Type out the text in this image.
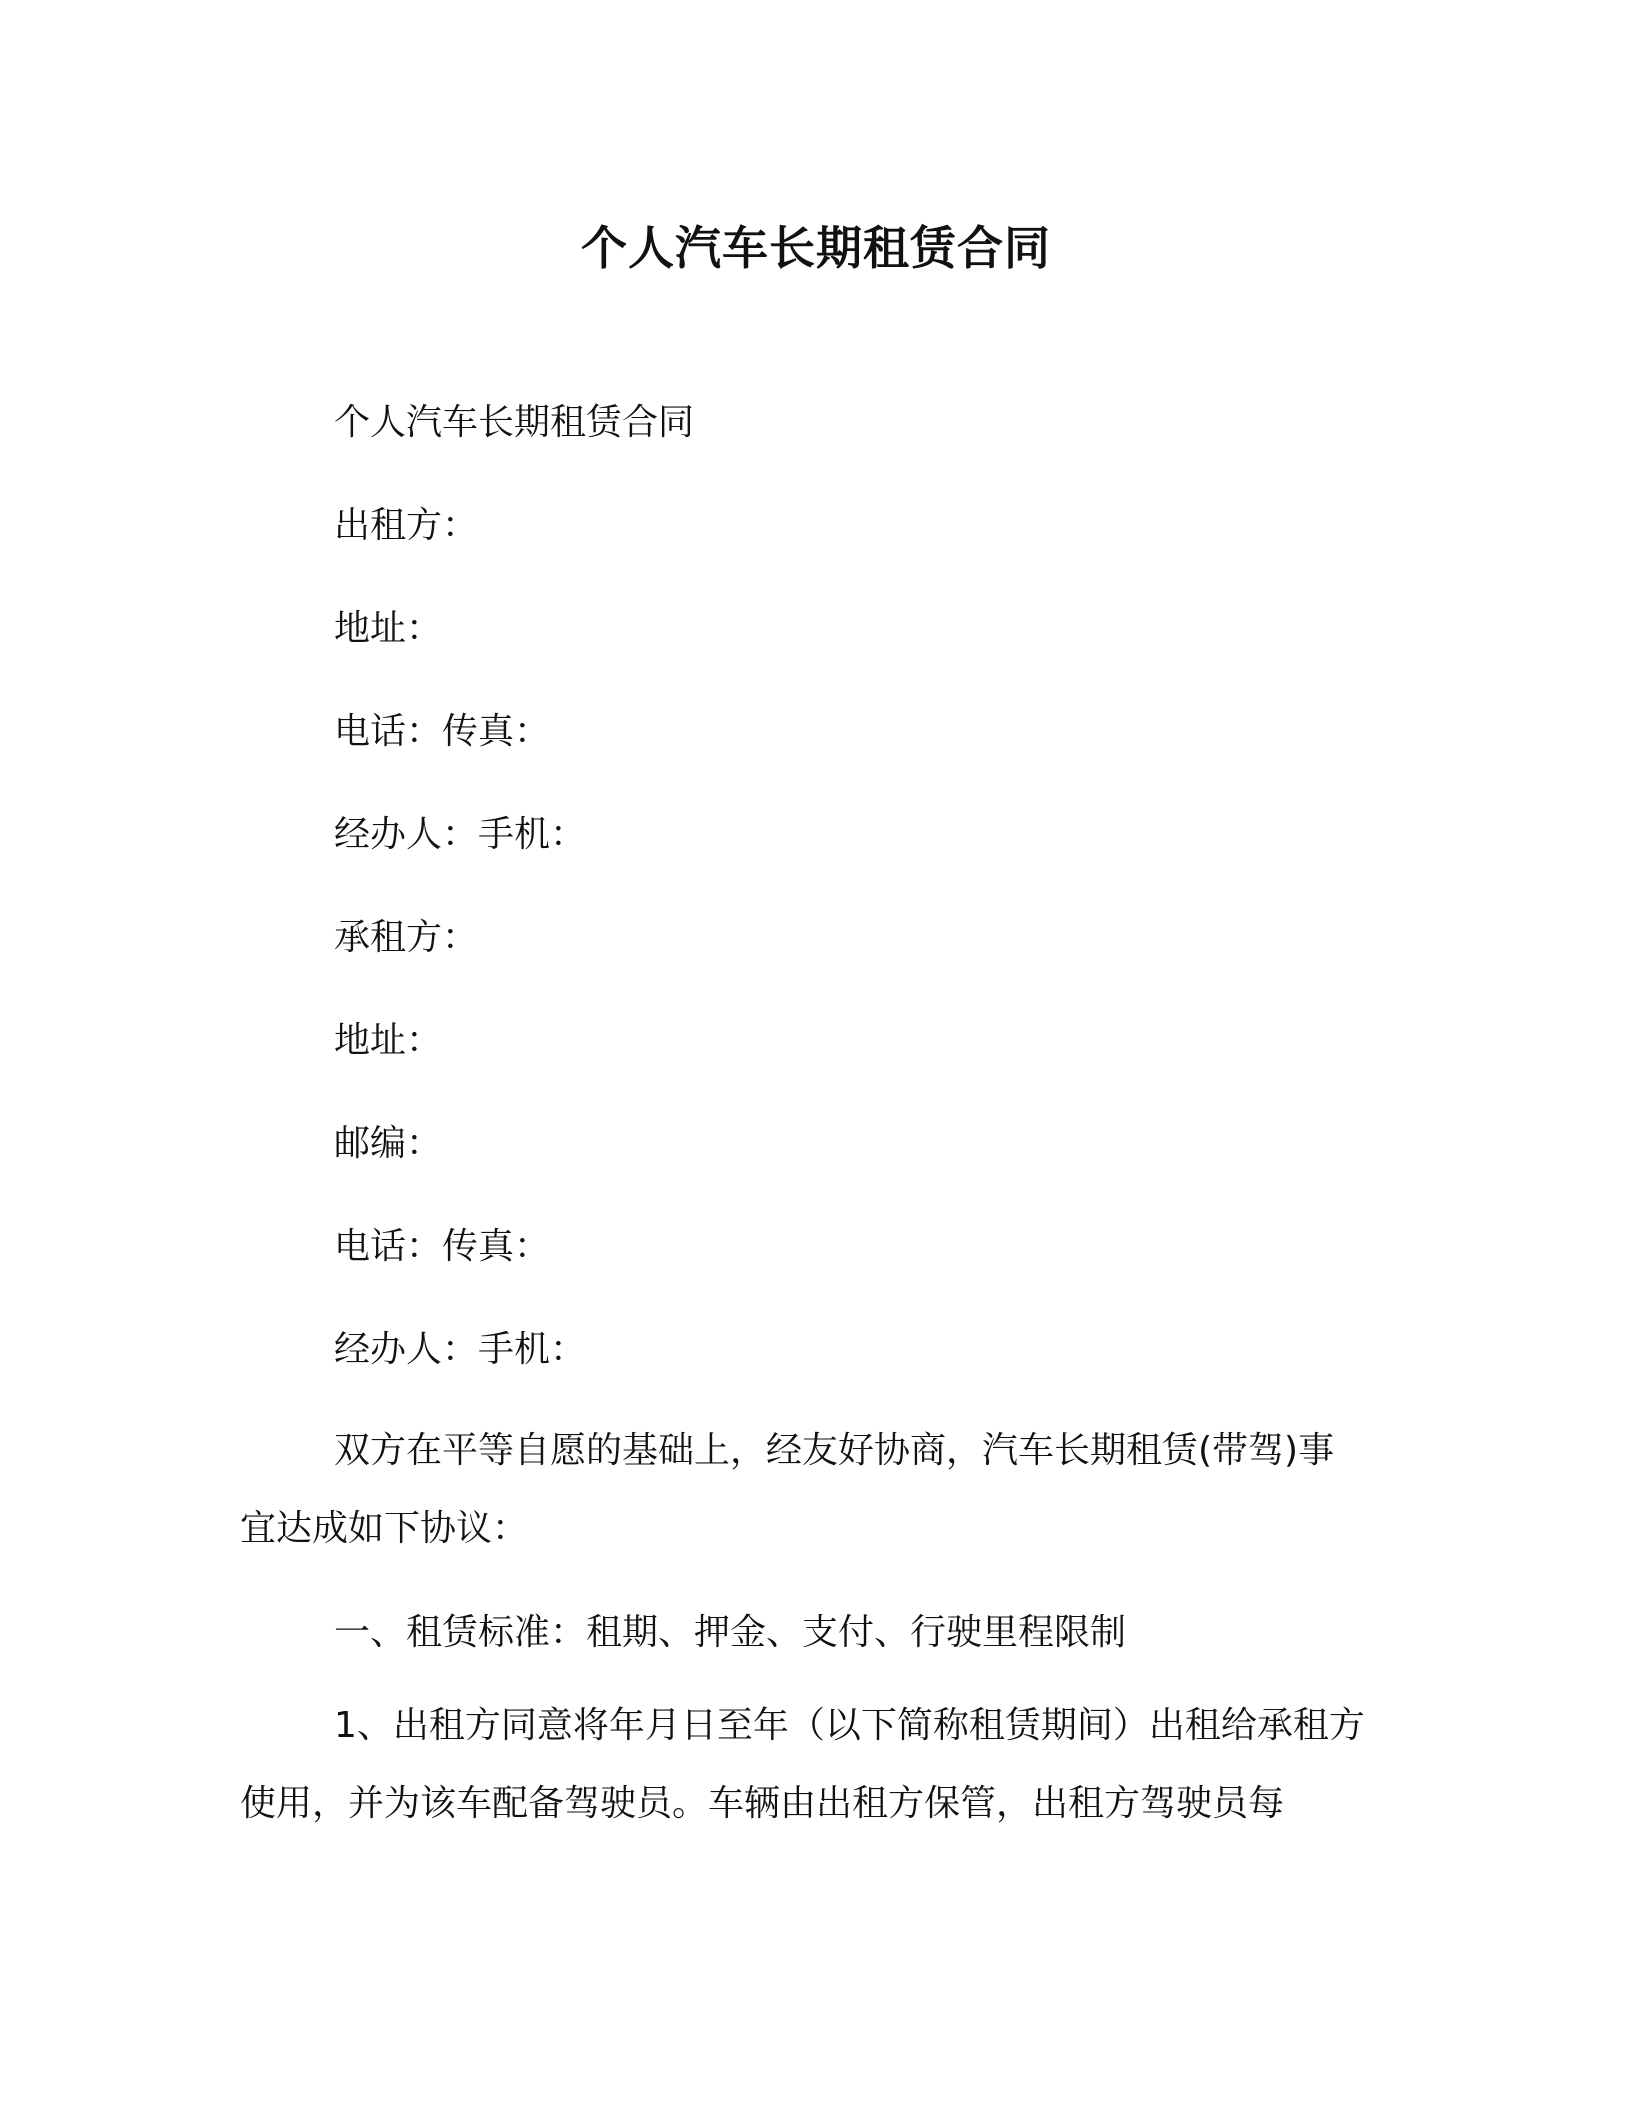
个人汽车长期租赁合同
个人汽车长期租赁合同
出租方：
地址：
电话：传真：
经办人：手机：
承租方：
地址：
邮编：
电话：传真：
经办人：手机：
双方在平等自愿的基础上，经友好协商，汽车长期租赁(带驾)事宜达成如下协议：
一、租赁标准：租期、押金、支付、行驶里程限制
1、出租方同意将年月日至年（以下简称租赁期间）出租给承租方使用，并为该车配备驾驶员。车辆由出租方保管，出租方驾驶员每
